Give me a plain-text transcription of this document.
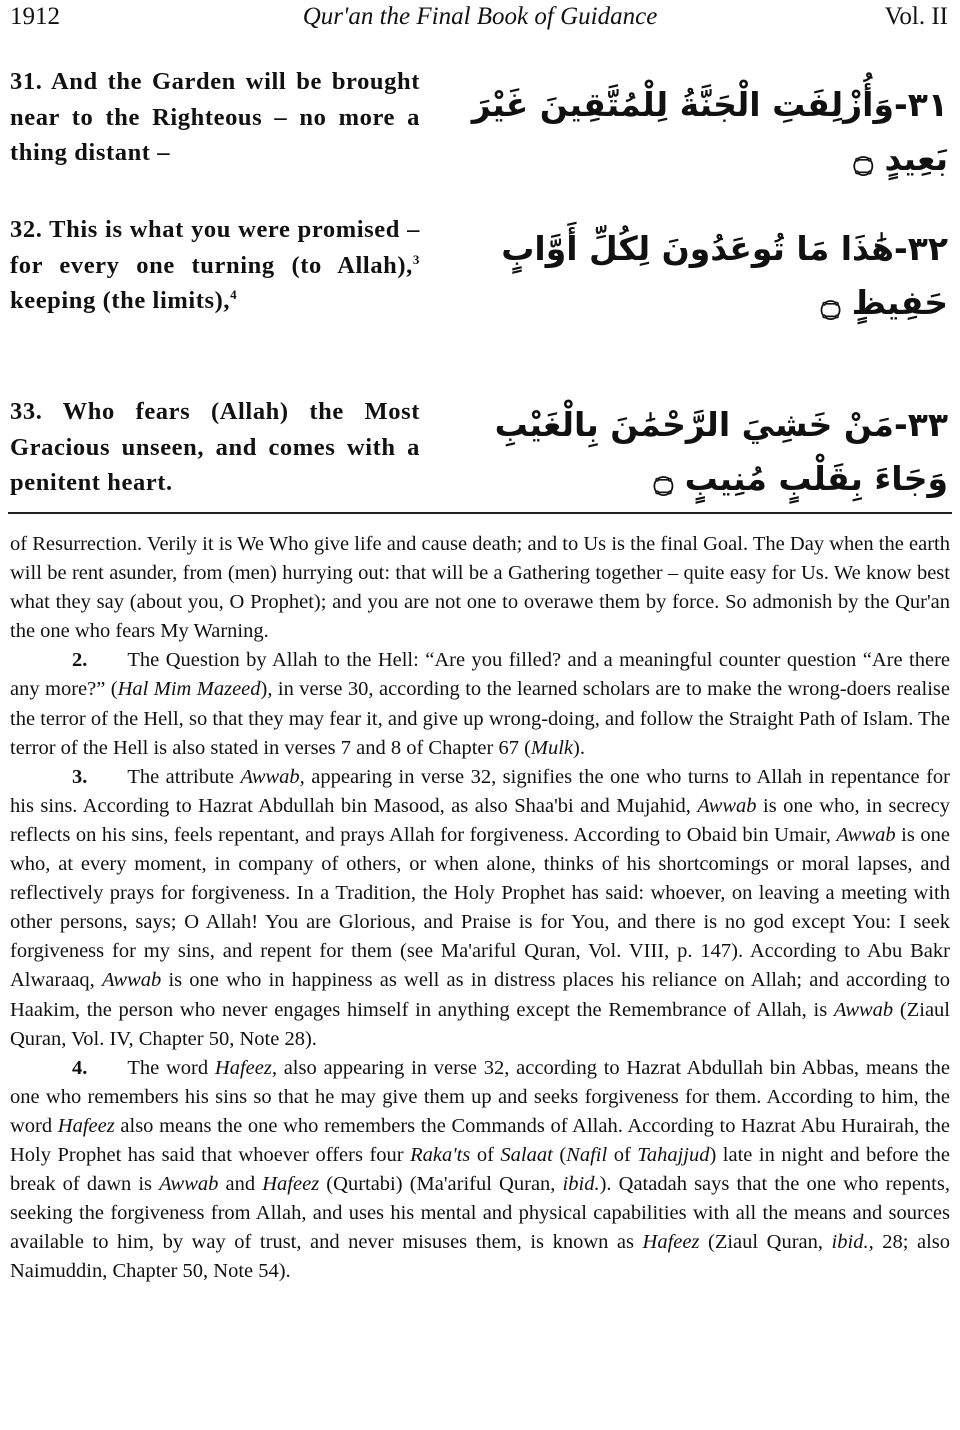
Qur'an the Final Book of Guidance
1912	Vol. II
31. And the Garden will be brought near to the Righteous – no more a thing distant –
٣١-وَأُزْلِفَتِ الْجَنَّةُ لِلْمُتَّقِينَ غَيْرَ بَعِيدٍ ۝
32. This is what you were promised – for every one turning (to Allah),$^3$ keeping (the limits),$^4$
٣٢-هَٰذَا مَا تُوعَدُونَ لِكُلِّ أَوَّابٍ
حَفِيظٍ ۝
33. Who fears (Allah) the Most Gracious unseen, and comes with a penitent heart.
٣٣-مَنْ خَشِيَ الرَّحْمَٰنَ بِالْغَيْبِ
وَجَاءَ بِقَلْبٍ مُنِيبٍ ۝

of Resurrection. Verily it is We Who give life and cause death; and to Us is the final Goal. The Day when the earth will be rent asunder, from (men) hurrying out: that will be a Gathering together – quite easy for Us. We know best what they say (about you, O Prophet); and you are not one to overawe them by force. So admonish by the Qur'an the one who fears My Warning.

2. The Question by Allah to the Hell: “Are you filled? and a meaningful counter question “Are there any more?” (Hal Mim Mazeed), in verse 30, according to the learned scholars are to make the wrong-doers realise the terror of the Hell, so that they may fear it, and give up wrong-doing, and follow the Straight Path of Islam. The terror of the Hell is also stated in verses 7 and 8 of Chapter 67 (Mulk).

3. The attribute Awwab, appearing in verse 32, signifies the one who turns to Allah in repentance for his sins. According to Hazrat Abdullah bin Masood, as also Shaa'bi and Mujahid, Awwab is one who, in secrecy reflects on his sins, feels repentant, and prays Allah for forgiveness. According to Obaid bin Umair, Awwab is one who, at every moment, in company of others, or when alone, thinks of his shortcomings or moral lapses, and reflectively prays for forgiveness. In a Tradition, the Holy Prophet has said: whoever, on leaving a meeting with other persons, says; O Allah! You are Glorious, and Praise is for You, and there is no god except You: I seek forgiveness for my sins, and repent for them (see Ma'ariful Quran, Vol. VIII, p. 147). According to Abu Bakr Alwaraaq, Awwab is one who in happiness as well as in distress places his reliance on Allah; and according to Haakim, the person who never engages himself in anything except the Remembrance of Allah, is Awwab (Ziaul Quran, Vol. IV, Chapter 50, Note 28).

4. The word Hafeez, also appearing in verse 32, according to Hazrat Abdullah bin Abbas, means the one who remembers his sins so that he may give them up and seeks forgiveness for them. According to him, the word Hafeez also means the one who remembers the Commands of Allah. According to Hazrat Abu Hurairah, the Holy Prophet has said that whoever offers four Raka'ts of Salaat (Nafil of Tahajjud) late in night and before the break of dawn is Awwab and Hafeez (Qurtabi) (Ma'ariful Quran, ibid.). Qatadah says that the one who repents, seeking the forgiveness from Allah, and uses his mental and physical capabilities with all the means and sources available to him, by way of trust, and never misuses them, is known as Hafeez (Ziaul Quran, ibid., 28; also Naimuddin, Chapter 50, Note 54).
